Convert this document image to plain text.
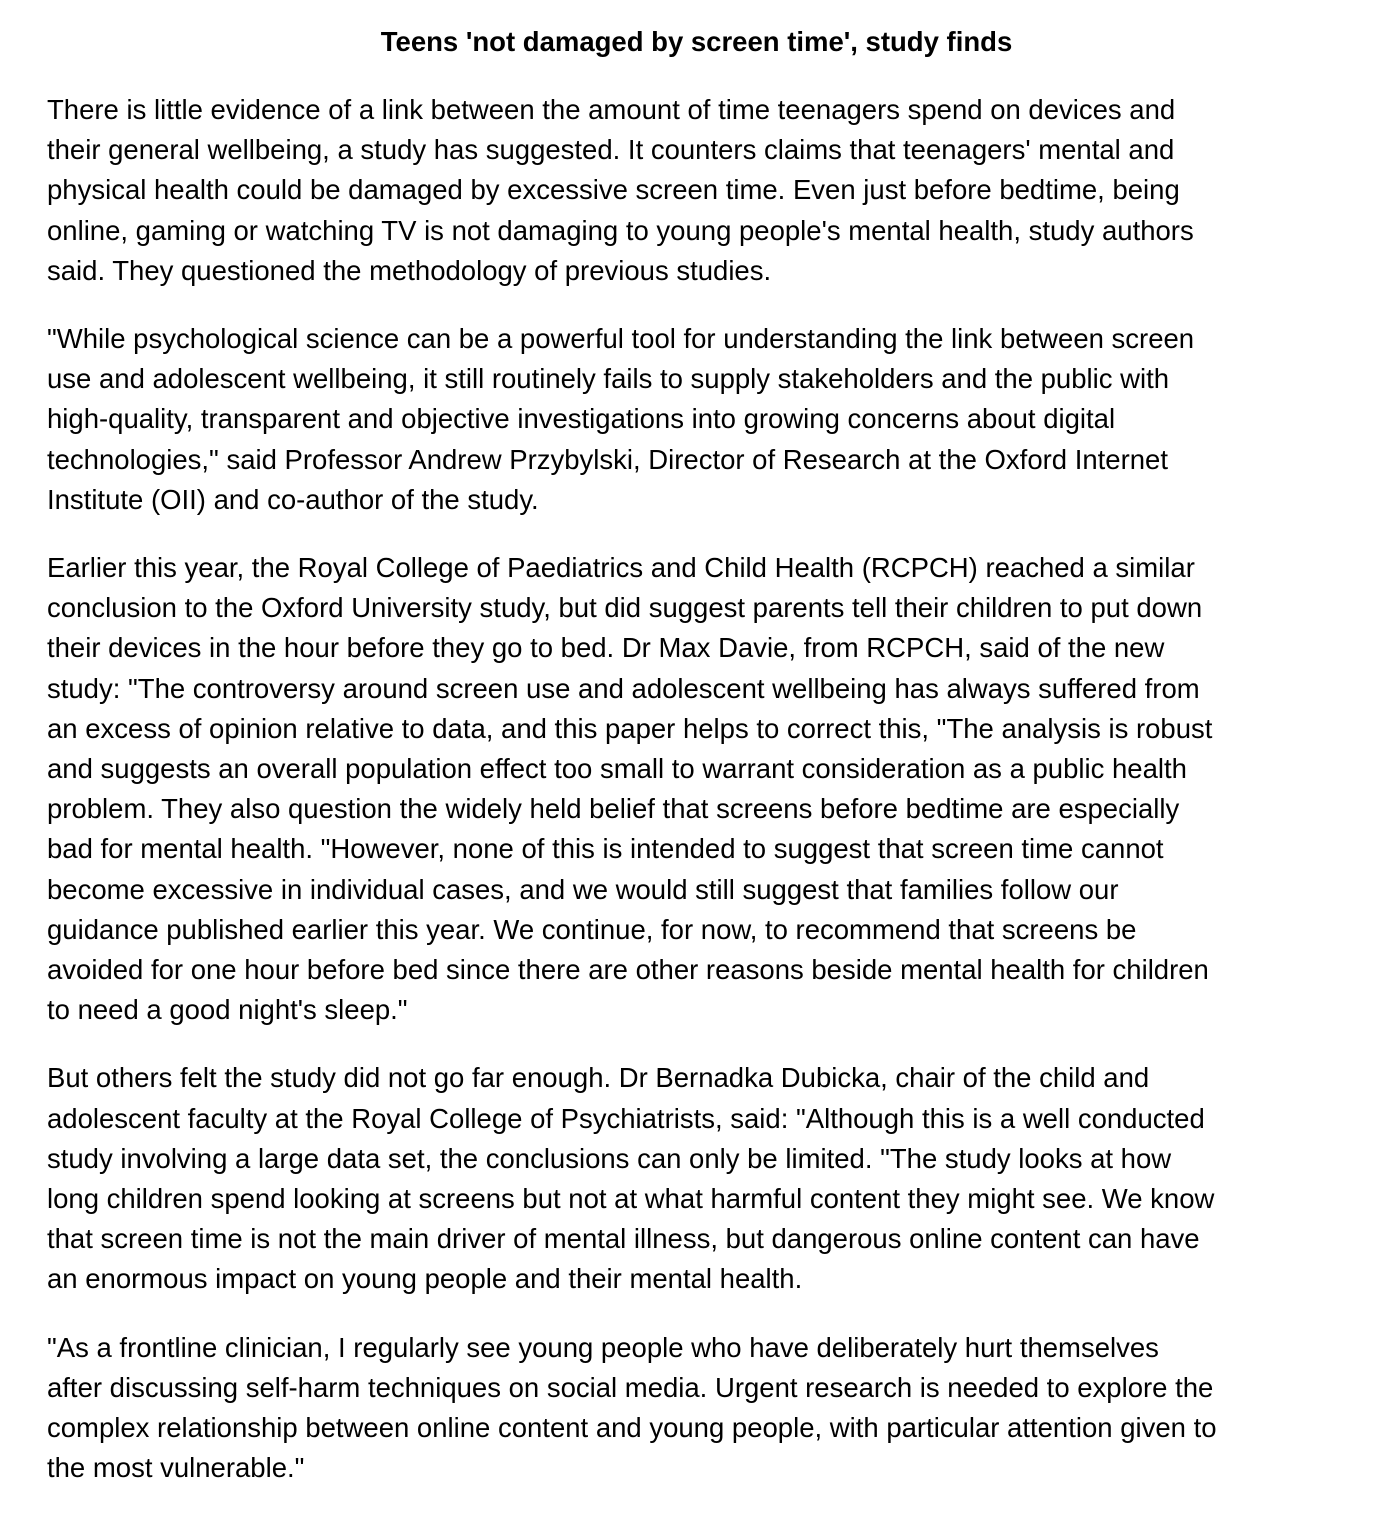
Teens 'not damaged by screen time', study finds

There is little evidence of a link between the amount of time teenagers spend on devices and
their general wellbeing, a study has suggested. It counters claims that teenagers' mental and
physical health could be damaged by excessive screen time. Even just before bedtime, being
online, gaming or watching TV is not damaging to young people's mental health, study authors
said. They questioned the methodology of previous studies.

"While psychological science can be a powerful tool for understanding the link between screen
use and adolescent wellbeing, it still routinely fails to supply stakeholders and the public with
high-quality, transparent and objective investigations into growing concerns about digital
technologies," said Professor Andrew Przybylski, Director of Research at the Oxford Internet
Institute (OII) and co-author of the study.

Earlier this year, the Royal College of Paediatrics and Child Health (RCPCH) reached a similar
conclusion to the Oxford University study, but did suggest parents tell their children to put down
their devices in the hour before they go to bed. Dr Max Davie, from RCPCH, said of the new
study: "The controversy around screen use and adolescent wellbeing has always suffered from
an excess of opinion relative to data, and this paper helps to correct this, "The analysis is robust
and suggests an overall population effect too small to warrant consideration as a public health
problem. They also question the widely held belief that screens before bedtime are especially
bad for mental health. "However, none of this is intended to suggest that screen time cannot
become excessive in individual cases, and we would still suggest that families follow our
guidance published earlier this year. We continue, for now, to recommend that screens be
avoided for one hour before bed since there are other reasons beside mental health for children
to need a good night's sleep."

But others felt the study did not go far enough. Dr Bernadka Dubicka, chair of the child and
adolescent faculty at the Royal College of Psychiatrists, said: "Although this is a well conducted
study involving a large data set, the conclusions can only be limited. "The study looks at how
long children spend looking at screens but not at what harmful content they might see. We know
that screen time is not the main driver of mental illness, but dangerous online content can have
an enormous impact on young people and their mental health.

"As a frontline clinician, I regularly see young people who have deliberately hurt themselves
after discussing self-harm techniques on social media. Urgent research is needed to explore the
complex relationship between online content and young people, with particular attention given to
the most vulnerable."
